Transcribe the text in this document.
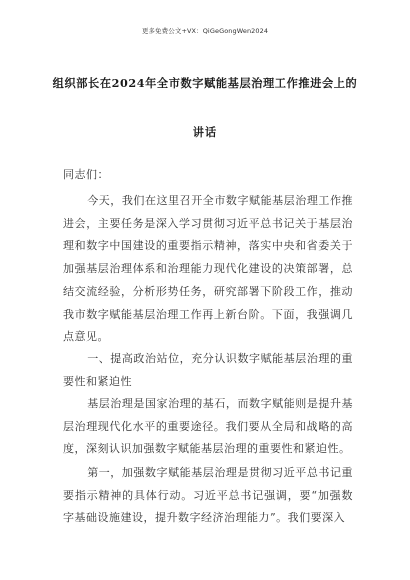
更多免费公文+VX：QiGeGongWen2024
组织部长在2024年全市数字赋能基层治理工作推进会上的
讲话
同志们：

今天，我们在这里召开全市数字赋能基层治理工作推进会，主要任务是深入学习贯彻习近平总书记关于基层治理和数字中国建设的重要指示精神，落实中央和省委关于加强基层治理体系和治理能力现代化建设的决策部署，总结交流经验，分析形势任务，研究部署下阶段工作，推动我市数字赋能基层治理工作再上新台阶。下面，我强调几点意见。

一、提高政治站位，充分认识数字赋能基层治理的重要性和紧迫性

基层治理是国家治理的基石，而数字赋能则是提升基层治理现代化水平的重要途径。我们要从全局和战略的高度，深刻认识加强数字赋能基层治理的重要性和紧迫性。

第一，加强数字赋能基层治理是贯彻习近平总书记重要指示精神的具体行动。习近平总书记强调，要“加强数字基础设施建设，提升数字经济治理能力”。我们要深入
